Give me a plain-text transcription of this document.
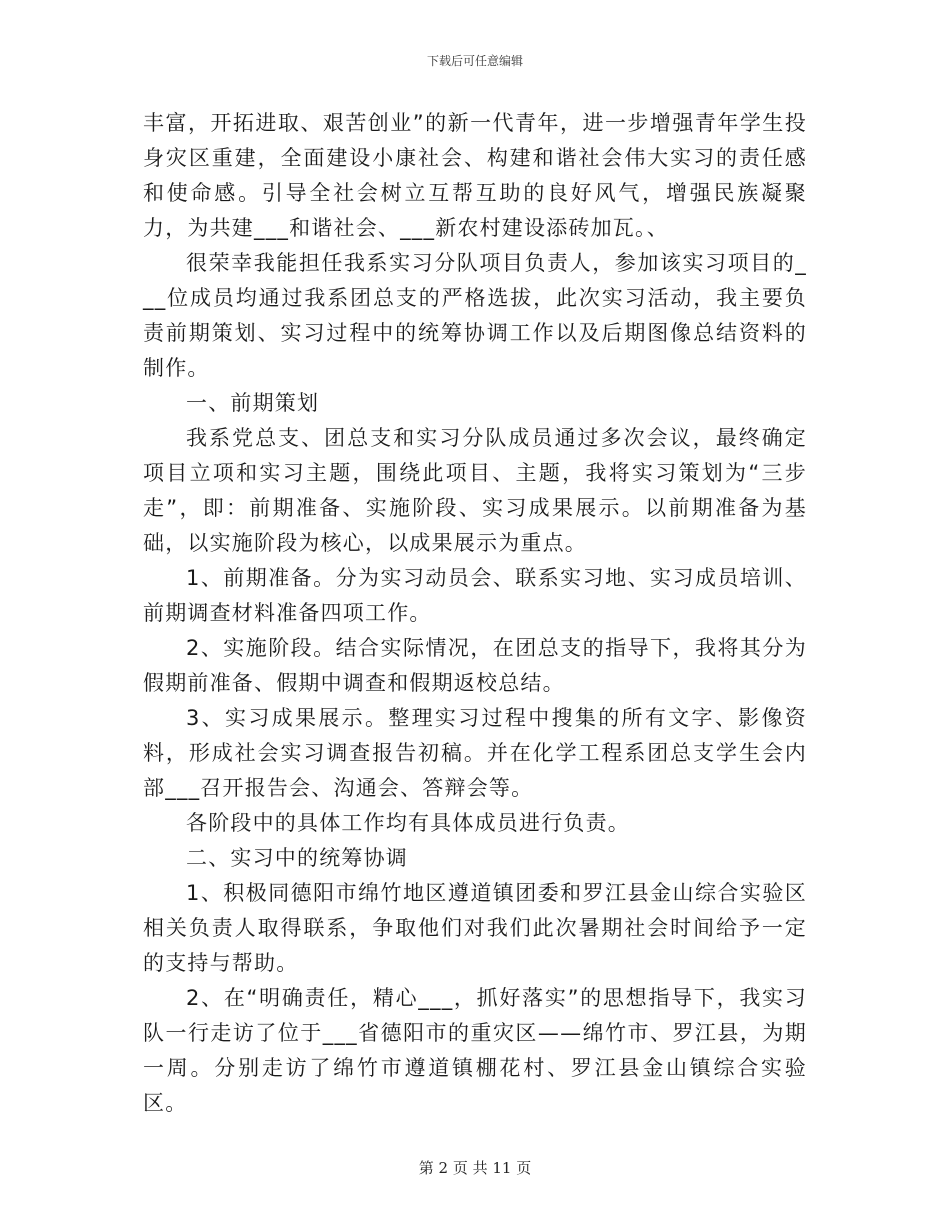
下载后可任意编辑

丰富，开拓进取、艰苦创业”的新一代青年，进一步增强青年学生投身灾区重建，全面建设小康社会、构建和谐社会伟大实习的责任感和使命感。引导全社会树立互帮互助的良好风气，增强民族凝聚力，为共建___和谐社会、___新农村建设添砖加瓦。、

很荣幸我能担任我系实习分队项目负责人，参加该实习项目的___位成员均通过我系团总支的严格选拔，此次实习活动，我主要负责前期策划、实习过程中的统筹协调工作以及后期图像总结资料的制作。

一、前期策划

我系党总支、团总支和实习分队成员通过多次会议，最终确定项目立项和实习主题，围绕此项目、主题，我将实习策划为“三步走”，即：前期准备、实施阶段、实习成果展示。以前期准备为基础，以实施阶段为核心，以成果展示为重点。

1、前期准备。分为实习动员会、联系实习地、实习成员培训、前期调查材料准备四项工作。

2、实施阶段。结合实际情况，在团总支的指导下，我将其分为假期前准备、假期中调查和假期返校总结。

3、实习成果展示。整理实习过程中搜集的所有文字、影像资料，形成社会实习调查报告初稿。并在化学工程系团总支学生会内部___召开报告会、沟通会、答辩会等。

各阶段中的具体工作均有具体成员进行负责。

二、实习中的统筹协调

1、积极同德阳市绵竹地区遵道镇团委和罗江县金山综合实验区相关负责人取得联系，争取他们对我们此次暑期社会时间给予一定的支持与帮助。

2、在“明确责任，精心___，抓好落实”的思想指导下，我实习队一行走访了位于___省德阳市的重灾区——绵竹市、罗江县，为期一周。分别走访了绵竹市遵道镇棚花村、罗江县金山镇综合实验区。

第 2 页 共 11 页
